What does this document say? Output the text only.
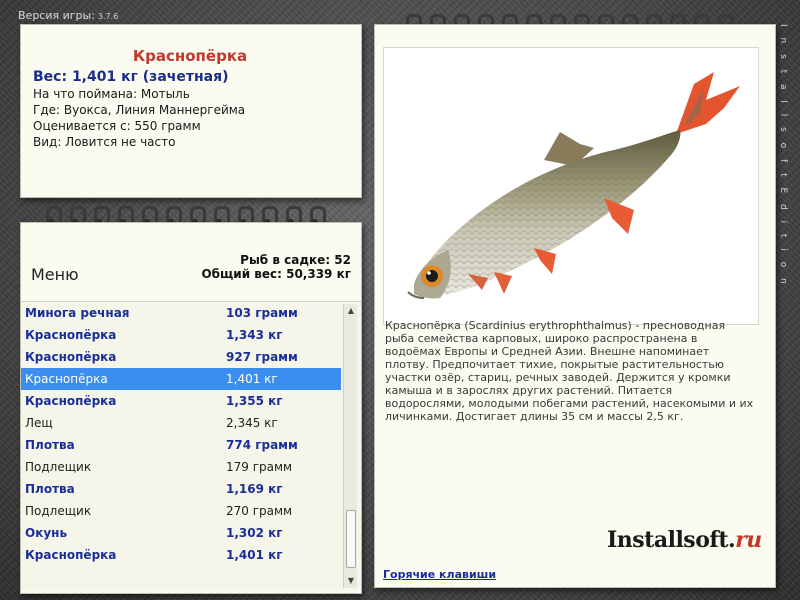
Версия игры: 3.7.6
I n s t a l l s o f t E d i t i o n
Краснопёрка
Вес: 1,401 кг (зачетная)
На что поймана: Мотыль
Где: Вуокса, Линия Маннергейма
Оценивается с: 550 грамм
Вид: Ловится не часто
Меню
Рыб в садке: 52
Общий вес: 50,339 кг
Минога речная	103 грамм
Краснопёрка	1,343 кг
Краснопёрка	927 грамм
Краснопёрка	1,401 кг
Краснопёрка	1,355 кг
Лещ	2,345 кг
Плотва	774 грамм
Подлещик	179 грамм
Плотва	1,169 кг
Подлещик	270 грамм
Окунь	1,302 кг
Краснопёрка	1,401 кг
▲
▼
Краснопёрка (Scardinius erythrophthalmus) - пресноводная рыба семейства карповых, широко распространена в водоёмах Европы и Средней Азии. Внешне напоминает плотву. Предпочитает тихие, покрытые растительностью участки озёр, стариц, речных заводей. Держится у кромки камыша и в зарослях других растений. Питается водорослями, молодыми побегами растений, насекомыми и их личинками. Достигает длины 35 см и массы 2,5 кг.
Installsoft.ru
Горячие клавиши
